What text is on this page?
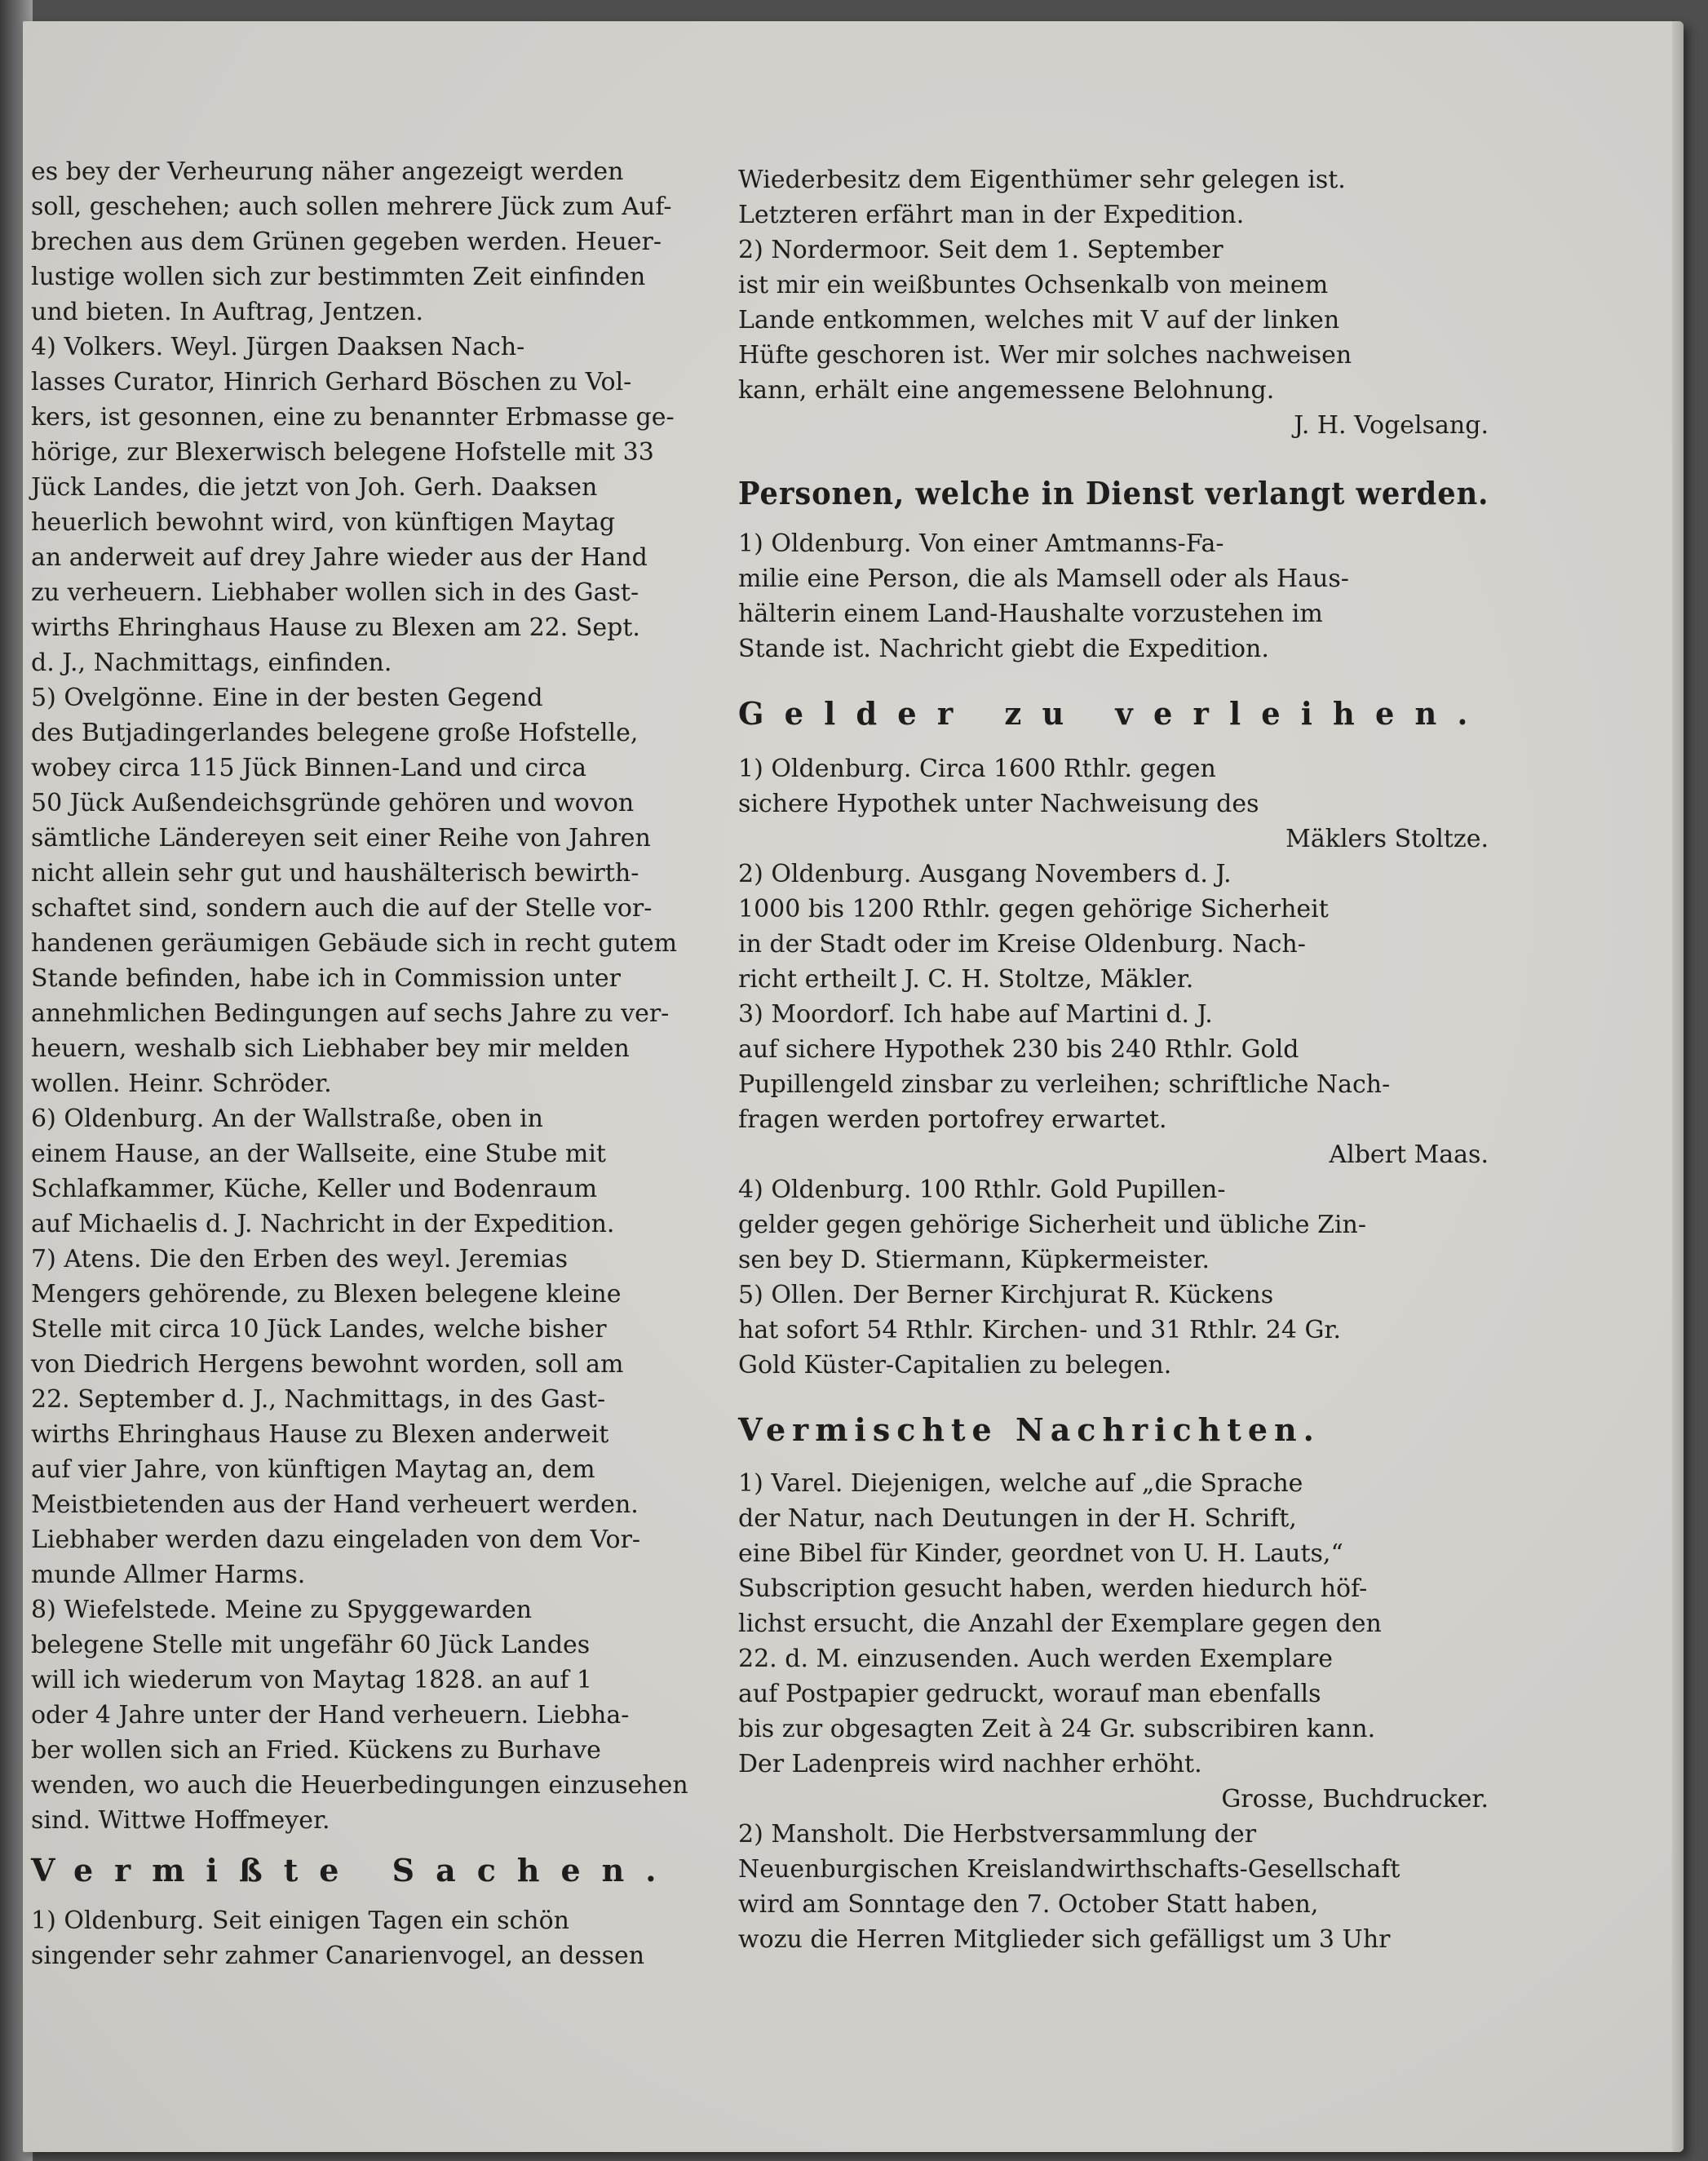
es bey der Verheurung näher angezeigt werden
soll, geschehen; auch sollen mehrere Jück zum Auf-
brechen aus dem Grünen gegeben werden. Heuer-
lustige wollen sich zur bestimmten Zeit einfinden
und bieten. In Auftrag, Jentzen.
4) Volkers. Weyl. Jürgen Daaksen Nach-
lasses Curator, Hinrich Gerhard Böschen zu Vol-
kers, ist gesonnen, eine zu benannter Erbmasse ge-
hörige, zur Blexerwisch belegene Hofstelle mit 33
Jück Landes, die jetzt von Joh. Gerh. Daaksen
heuerlich bewohnt wird, von künftigen Maytag
an anderweit auf drey Jahre wieder aus der Hand
zu verheuern. Liebhaber wollen sich in des Gast-
wirths Ehringhaus Hause zu Blexen am 22. Sept.
d. J., Nachmittags, einfinden.
5) Ovelgönne. Eine in der besten Gegend
des Butjadingerlandes belegene große Hofstelle,
wobey circa 115 Jück Binnen-Land und circa
50 Jück Außendeichsgründe gehören und wovon
sämtliche Ländereyen seit einer Reihe von Jahren
nicht allein sehr gut und haushälterisch bewirth-
schaftet sind, sondern auch die auf der Stelle vor-
handenen geräumigen Gebäude sich in recht gutem
Stande befinden, habe ich in Commission unter
annehmlichen Bedingungen auf sechs Jahre zu ver-
heuern, weshalb sich Liebhaber bey mir melden
wollen. Heinr. Schröder.
6) Oldenburg. An der Wallstraße, oben in
einem Hause, an der Wallseite, eine Stube mit
Schlafkammer, Küche, Keller und Bodenraum
auf Michaelis d. J. Nachricht in der Expedition.
7) Atens. Die den Erben des weyl. Jeremias
Mengers gehörende, zu Blexen belegene kleine
Stelle mit circa 10 Jück Landes, welche bisher
von Diedrich Hergens bewohnt worden, soll am
22. September d. J., Nachmittags, in des Gast-
wirths Ehringhaus Hause zu Blexen anderweit
auf vier Jahre, von künftigen Maytag an, dem
Meistbietenden aus der Hand verheuert werden.
Liebhaber werden dazu eingeladen von dem Vor-
munde Allmer Harms.
8) Wiefelstede. Meine zu Spyggewarden
belegene Stelle mit ungefähr 60 Jück Landes
will ich wiederum von Maytag 1828. an auf 1
oder 4 Jahre unter der Hand verheuern. Liebha-
ber wollen sich an Fried. Kückens zu Burhave
wenden, wo auch die Heuerbedingungen einzusehen
sind. Wittwe Hoffmeyer.
Vermißte Sachen.
1) Oldenburg. Seit einigen Tagen ein schön
singender sehr zahmer Canarienvogel, an dessen
Wiederbesitz dem Eigenthümer sehr gelegen ist.
Letzteren erfährt man in der Expedition.
2) Nordermoor. Seit dem 1. September
ist mir ein weißbuntes Ochsenkalb von meinem
Lande entkommen, welches mit V auf der linken
Hüfte geschoren ist. Wer mir solches nachweisen
kann, erhält eine angemessene Belohnung.
J. H. Vogelsang.
Personen, welche in Dienst verlangt werden.
1) Oldenburg. Von einer Amtmanns-Fa-
milie eine Person, die als Mamsell oder als Haus-
hälterin einem Land-Haushalte vorzustehen im
Stande ist. Nachricht giebt die Expedition.
Gelder zu verleihen.
1) Oldenburg. Circa 1600 Rthlr. gegen
sichere Hypothek unter Nachweisung des
Mäklers Stoltze.
2) Oldenburg. Ausgang Novembers d. J.
1000 bis 1200 Rthlr. gegen gehörige Sicherheit
in der Stadt oder im Kreise Oldenburg. Nach-
richt ertheilt J. C. H. Stoltze, Mäkler.
3) Moordorf. Ich habe auf Martini d. J.
auf sichere Hypothek 230 bis 240 Rthlr. Gold
Pupillengeld zinsbar zu verleihen; schriftliche Nach-
fragen werden portofrey erwartet.
Albert Maas.
4) Oldenburg. 100 Rthlr. Gold Pupillen-
gelder gegen gehörige Sicherheit und übliche Zin-
sen bey D. Stiermann, Küpkermeister.
5) Ollen. Der Berner Kirchjurat R. Kückens
hat sofort 54 Rthlr. Kirchen- und 31 Rthlr. 24 Gr.
Gold Küster-Capitalien zu belegen.
Vermischte Nachrichten.
1) Varel. Diejenigen, welche auf „die Sprache
der Natur, nach Deutungen in der H. Schrift,
eine Bibel für Kinder, geordnet von U. H. Lauts,“
Subscription gesucht haben, werden hiedurch höf-
lichst ersucht, die Anzahl der Exemplare gegen den
22. d. M. einzusenden. Auch werden Exemplare
auf Postpapier gedruckt, worauf man ebenfalls
bis zur obgesagten Zeit à 24 Gr. subscribiren kann.
Der Ladenpreis wird nachher erhöht.
Grosse, Buchdrucker.
2) Mansholt. Die Herbstversammlung der
Neuenburgischen Kreislandwirthschafts-Gesellschaft
wird am Sonntage den 7. October Statt haben,
wozu die Herren Mitglieder sich gefälligst um 3 Uhr
